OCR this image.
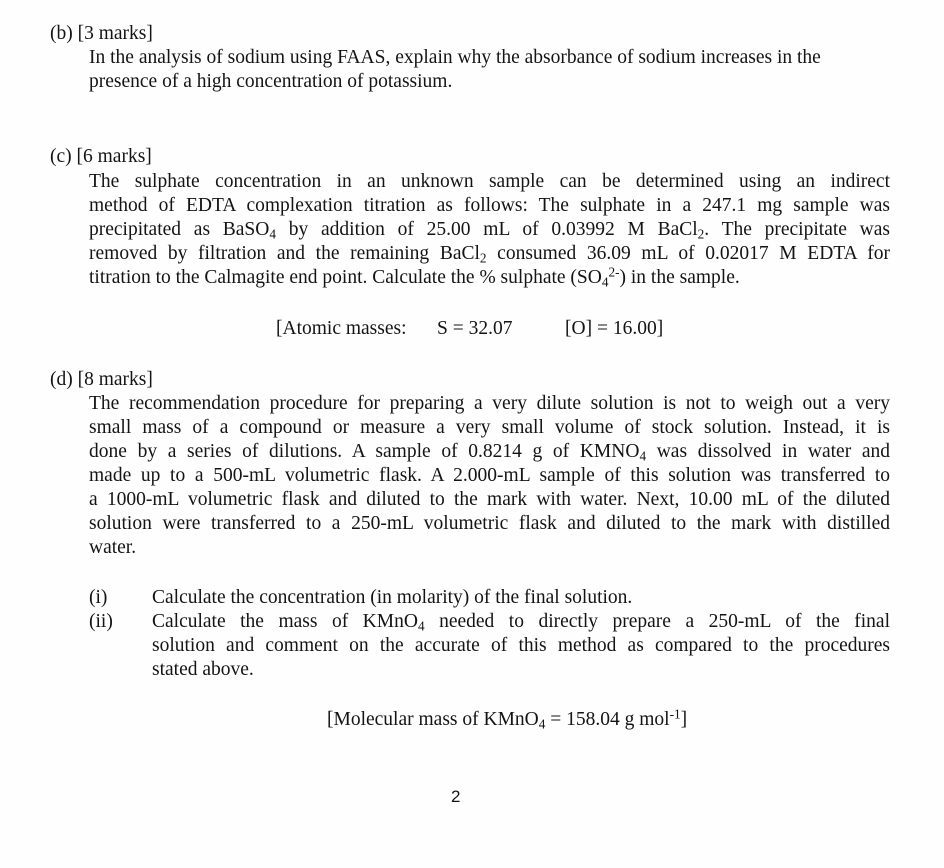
(b) [3 marks]
In the analysis of sodium using FAAS, explain why the absorbance of sodium increases in the
presence of a high concentration of potassium.
(c) [6 marks]
The sulphate concentration in an unknown sample can be determined using an indirect
method of EDTA complexation titration as follows: The sulphate in a 247.1 mg sample was
precipitated as BaSO$_4$ by addition of 25.00 mL of 0.03992 M BaCl$_2$. The precipitate was
removed by filtration and the remaining BaCl$_2$ consumed 36.09 mL of 0.02017 M EDTA for
titration to the Calmagite end point. Calculate the % sulphate $(SO_4^{2-})$ in the sample.
[Atomic masses: S = 32.07	[O] = 16.00]
(d) [8 marks]
The recommendation procedure for preparing a very dilute solution is not to weigh out a very
small mass of a compound or measure a very small volume of stock solution. Instead, it is
done by a series of dilutions. A sample of 0.8214 g of $KMNO_4$ was dissolved in water and
made up to a 500-mL volumetric flask. A 2.000-mL sample of this solution was transferred to
a 1000-mL volumetric flask and diluted to the mark with water. Next, 10.00 mL of the diluted
solution were transferred to a 250-mL volumetric flask and diluted to the mark with distilled
water.
(i) Calculate the concentration (in molarity) of the final solution.
(ii) Calculate the mass of KMnO$_4$ needed to directly prepare a 250-mL of the final
solution and comment on the accurate of this method as compared to the procedures
stated above.
[Molecular mass of KMnO$_4$ = 158.04 g mol$^{-1}$]
2
